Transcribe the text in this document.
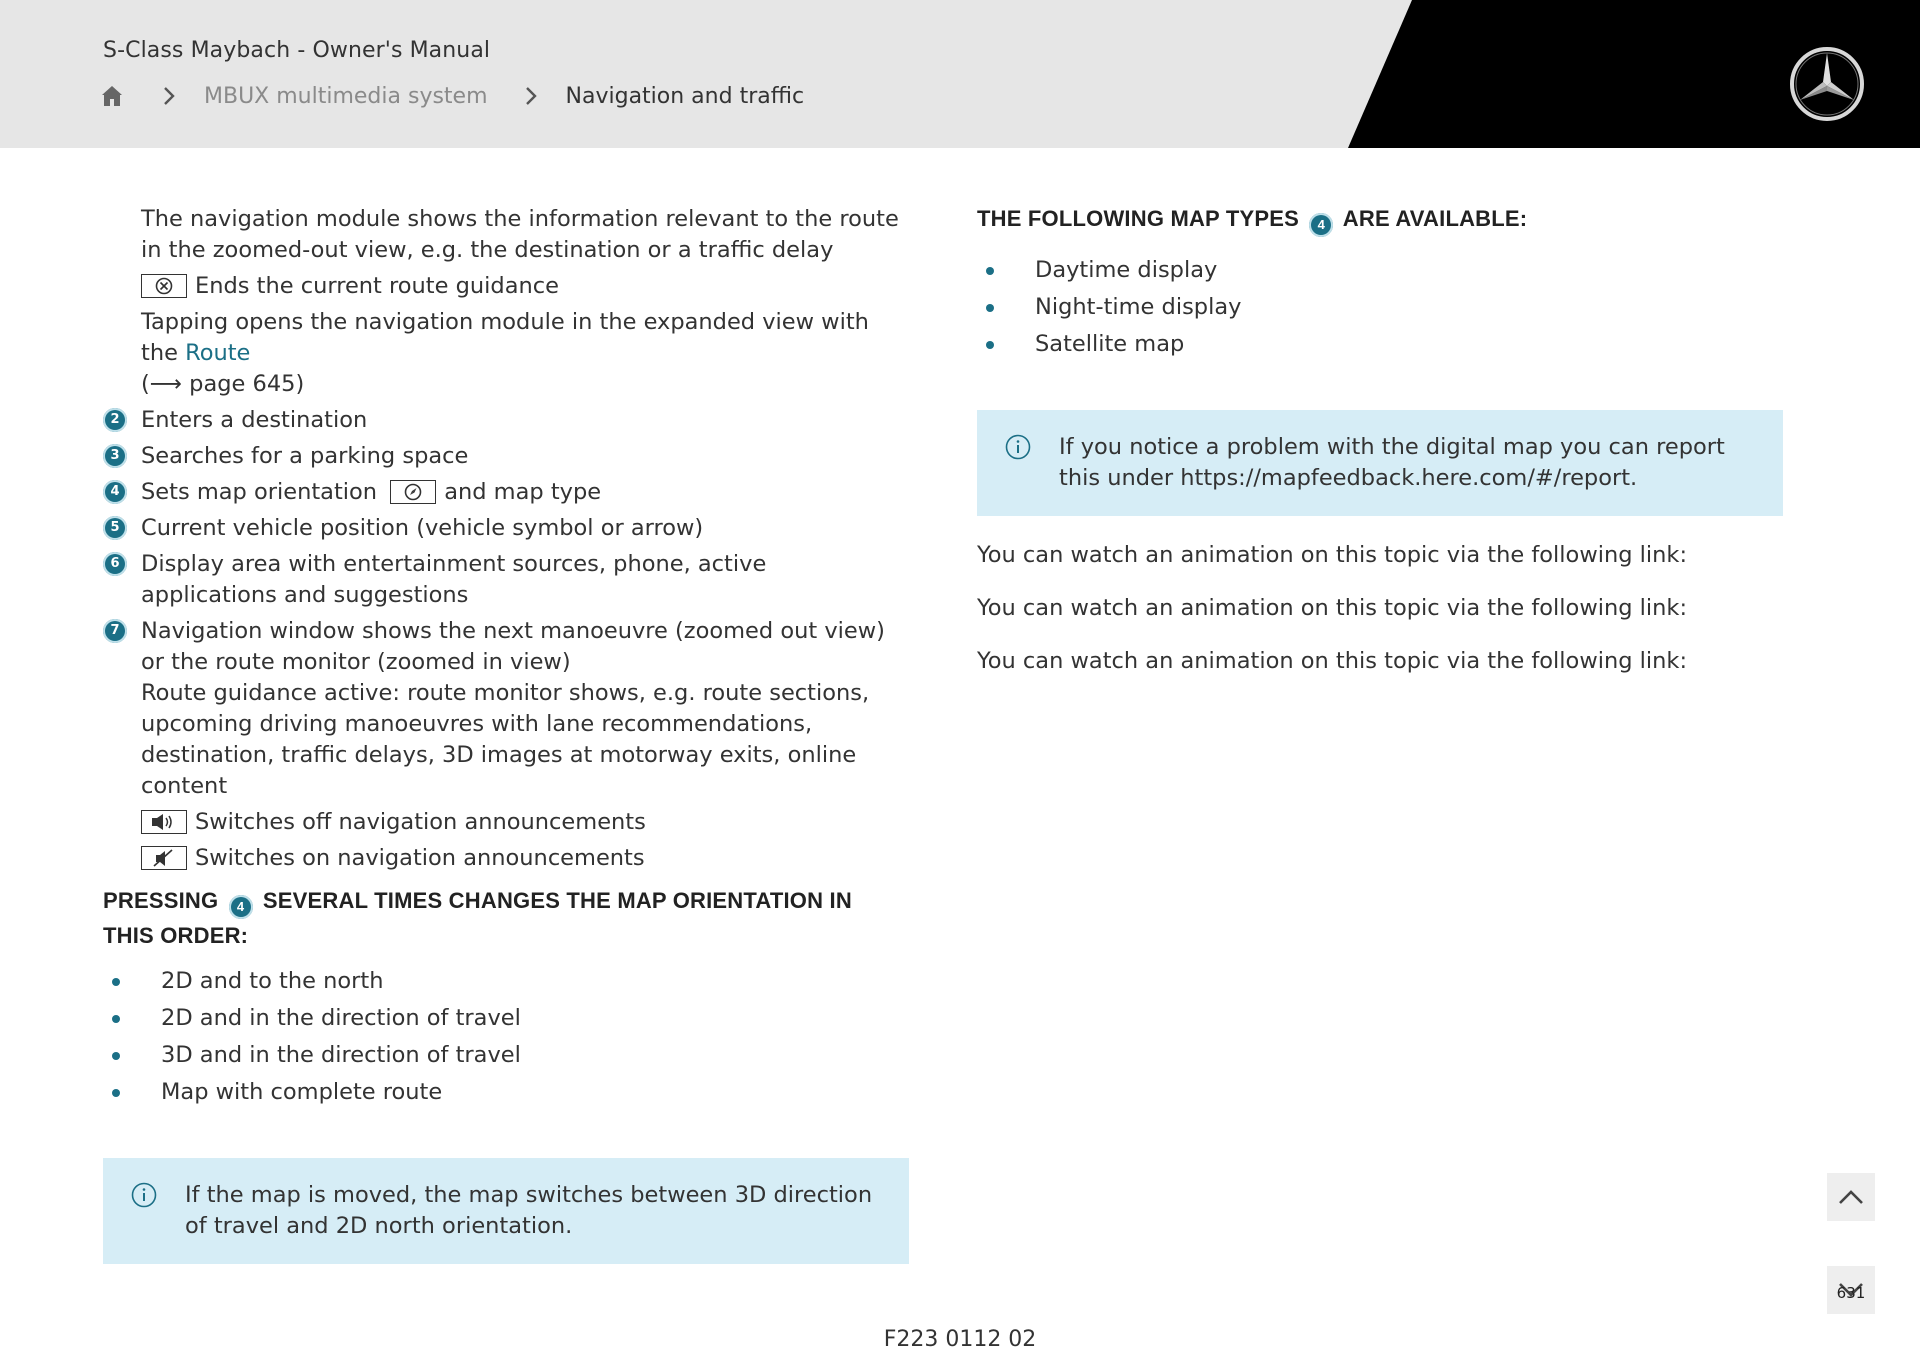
S-Class Maybach - Owner's Manual
MBUX multimedia system	Navigation and traffic
The navigation module shows the information relevant to the route in the zoomed-out view, e.g. the destination or a traffic delay
Ends the current route guidance
Tapping opens the navigation module in the expanded view with the Route
(⟶ page 645)
2 Enters a destination
3 Searches for a parking space
4 Sets map orientation	and map type
5 Current vehicle position (vehicle symbol or arrow)
6 Display area with entertainment sources, phone, active applications and suggestions
7 Navigation window shows the next manoeuvre (zoomed out view) or the route monitor (zoomed in view)
Route guidance active: route monitor shows, e.g. route sections, upcoming driving manoeuvres with lane recommendations, destination, traffic delays, 3D images at motorway exits, online content
Switches off navigation announcements
Switches on navigation announcements
PRESSING 4 SEVERAL TIMES CHANGES THE MAP ORIENTATION IN THIS ORDER:
2D and to the north
2D and in the direction of travel
3D and in the direction of travel
Map with complete route
If the map is moved, the map switches between 3D direction of travel and 2D north orientation.
THE FOLLOWING MAP TYPES 4 ARE AVAILABLE:
Daytime display
Night-time display
Satellite map
If you notice a problem with the digital map you can report this under https://mapfeedback.here.com/#/report.
You can watch an animation on this topic via the following link:
You can watch an animation on this topic via the following link:
You can watch an animation on this topic via the following link:
631
F223 0112 02
